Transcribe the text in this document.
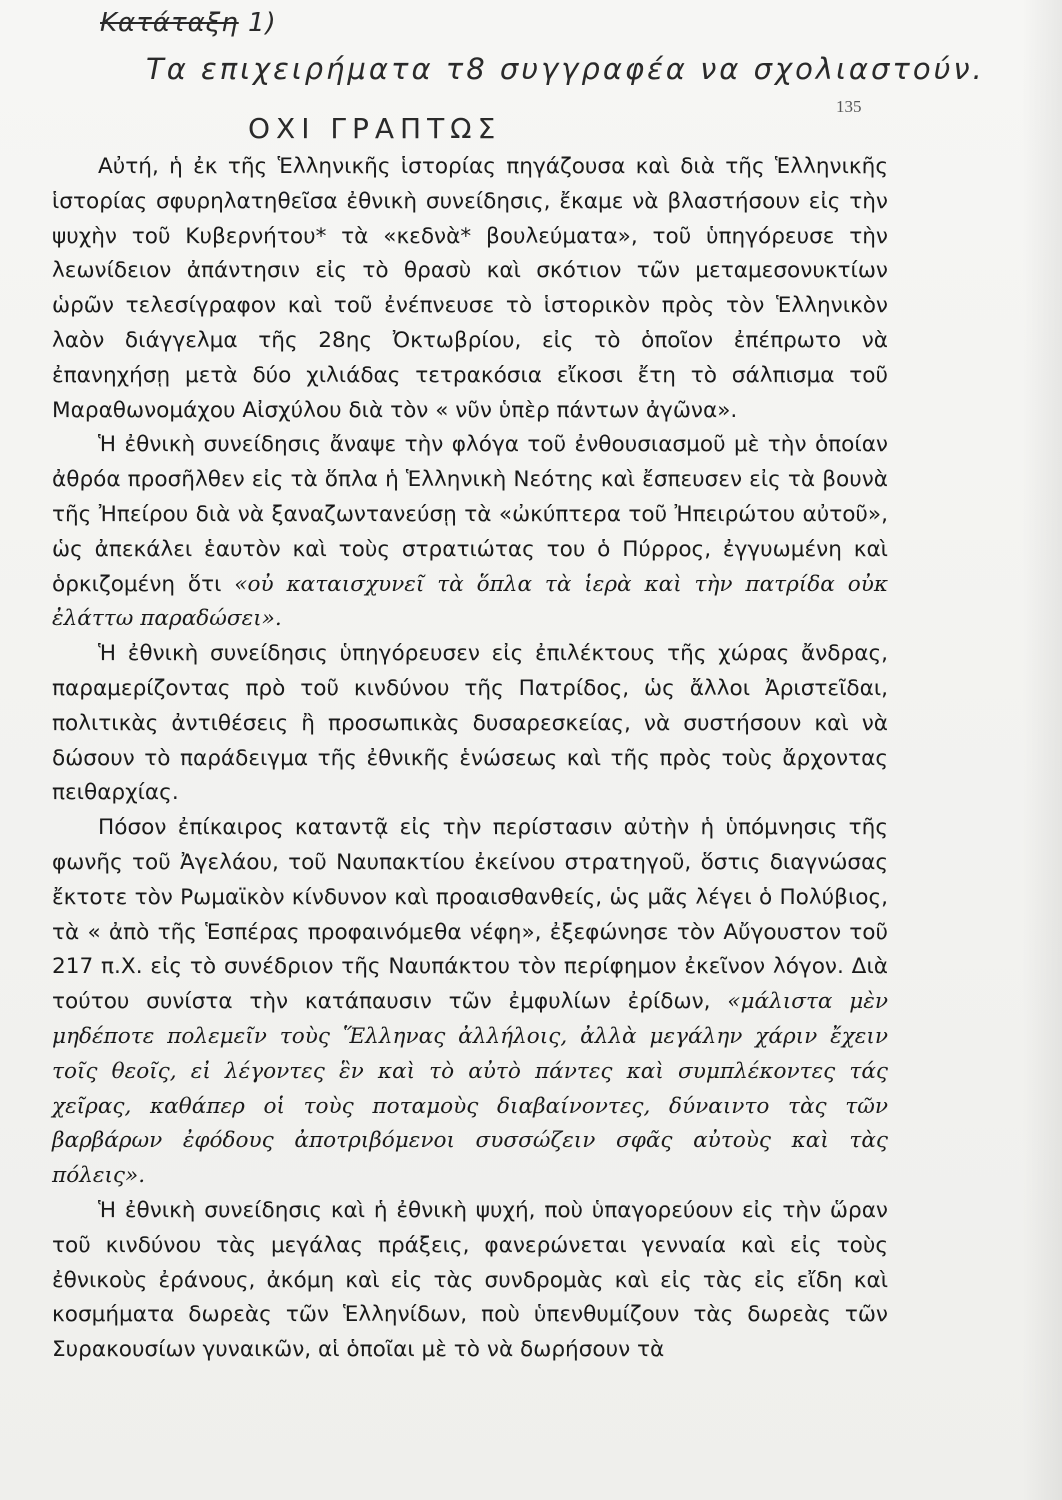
Κατάταξη 1)
Τα επιχειρήματα τ8 συγγραφέα να σχολιαστούν.
ΟΧΙ ΓΡΑΠΤΩΣ
135

Αὐτή, ἡ ἐκ τῆς Ἑλληνικῆς ἱστορίας πηγάζουσα καὶ διὰ τῆς Ἑλληνικῆς ἱστορίας σφυρηλατηθεῖσα ἐθνικὴ συνείδησις, ἔκαμε νὰ βλαστήσουν εἰς τὴν ψυχὴν τοῦ Κυβερνήτου* τὰ «κεδνὰ* βουλεύματα», τοῦ ὑπηγόρευσε τὴν λεωνίδειον ἀπάντησιν εἰς τὸ θρασὺ καὶ σκότιον τῶν μεταμεσονυκτίων ὡρῶν τελεσίγραφον καὶ τοῦ ἐνέπνευσε τὸ ἱστορικὸν πρὸς τὸν Ἑλληνικὸν λαὸν διάγγελμα τῆς 28ης Ὀκτωβρίου, εἰς τὸ ὁποῖον ἐπέπρωτο νὰ ἐπανηχήσῃ μετὰ δύο χιλιάδας τετρακόσια εἴκοσι ἔτη τὸ σάλπισμα τοῦ Μαραθωνομάχου Αἰσχύλου διὰ τὸν « νῦν ὑπὲρ πάντων ἀγῶνα».

Ἡ ἐθνικὴ συνείδησις ἄναψε τὴν φλόγα τοῦ ἐνθουσιασμοῦ μὲ τὴν ὁποίαν ἀθρόα προσῆλθεν εἰς τὰ ὅπλα ἡ Ἑλληνικὴ Νεότης καὶ ἔσπευσεν εἰς τὰ βουνὰ τῆς Ἠπείρου διὰ νὰ ξαναζωντανεύσῃ τὰ «ὠκύπτερα τοῦ Ἠπειρώτου αὐτοῦ», ὡς ἀπεκάλει ἑαυτὸν καὶ τοὺς στρατιώτας του ὁ Πύρρος, ἐγγυωμένη καὶ ὁρκιζομένη ὅτι «οὐ καταισχυνεῖ τὰ ὅπλα τὰ ἱερὰ καὶ τὴν πατρίδα οὐκ ἐλάττω παραδώσει».

Ἡ ἐθνικὴ συνείδησις ὑπηγόρευσεν εἰς ἐπιλέκτους τῆς χώρας ἄνδρας, παραμερίζοντας πρὸ τοῦ κινδύνου τῆς Πατρίδος, ὡς ἄλλοι Ἀριστεῖδαι, πολιτικὰς ἀντιθέσεις ἢ προσωπικὰς δυσαρεσκείας, νὰ συστήσουν καὶ νὰ δώσουν τὸ παράδειγμα τῆς ἐθνικῆς ἑνώσεως καὶ τῆς πρὸς τοὺς ἄρχοντας πειθαρχίας.

Πόσον ἐπίκαιρος καταντᾷ εἰς τὴν περίστασιν αὐτὴν ἡ ὑπόμνησις τῆς φωνῆς τοῦ Ἀγελάου, τοῦ Ναυπακτίου ἐκείνου στρατηγοῦ, ὅστις διαγνώσας ἔκτοτε τὸν Ρωμαϊκὸν κίνδυνον καὶ προαισθανθείς, ὡς μᾶς λέγει ὁ Πολύβιος, τὰ « ἀπὸ τῆς Ἑσπέρας προφαινόμεθα νέφη», ἐξεφώνησε τὸν Αὔγουστον τοῦ 217 π.Χ. εἰς τὸ συνέδριον τῆς Ναυπάκτου τὸν περίφημον ἐκεῖνον λόγον. Διὰ τούτου συνίστα τὴν κατάπαυσιν τῶν ἐμφυλίων ἐρίδων, «μάλιστα μὲν μηδέποτε πολεμεῖν τοὺς Ἕλληνας ἀλλήλοις, ἀλλὰ μεγάλην χάριν ἔχειν τοῖς θεοῖς, εἰ λέγοντες ἓν καὶ τὸ αὐτὸ πάντες καὶ συμπλέκοντες τάς χεῖρας, καθάπερ οἱ τοὺς ποταμοὺς διαβαίνοντες, δύναιντο τὰς τῶν βαρβάρων ἐφόδους ἀποτριβόμενοι συσσώζειν σφᾶς αὐτοὺς καὶ τὰς πόλεις».

Ἡ ἐθνικὴ συνείδησις καὶ ἡ ἐθνικὴ ψυχή, ποὺ ὑπαγορεύουν εἰς τὴν ὥραν τοῦ κινδύνου τὰς μεγάλας πράξεις, φανερώνεται γενναία καὶ εἰς τοὺς ἐθνικοὺς ἐράνους, ἀκόμη καὶ εἰς τὰς συνδρομὰς καὶ εἰς τὰς εἰς εἴδη καὶ κοσμήματα δωρεὰς τῶν Ἑλληνίδων, ποὺ ὑπενθυμίζουν τὰς δωρεὰς τῶν Συρακουσίων γυναικῶν, αἱ ὁποῖαι μὲ τὸ νὰ δωρήσουν τὰ
